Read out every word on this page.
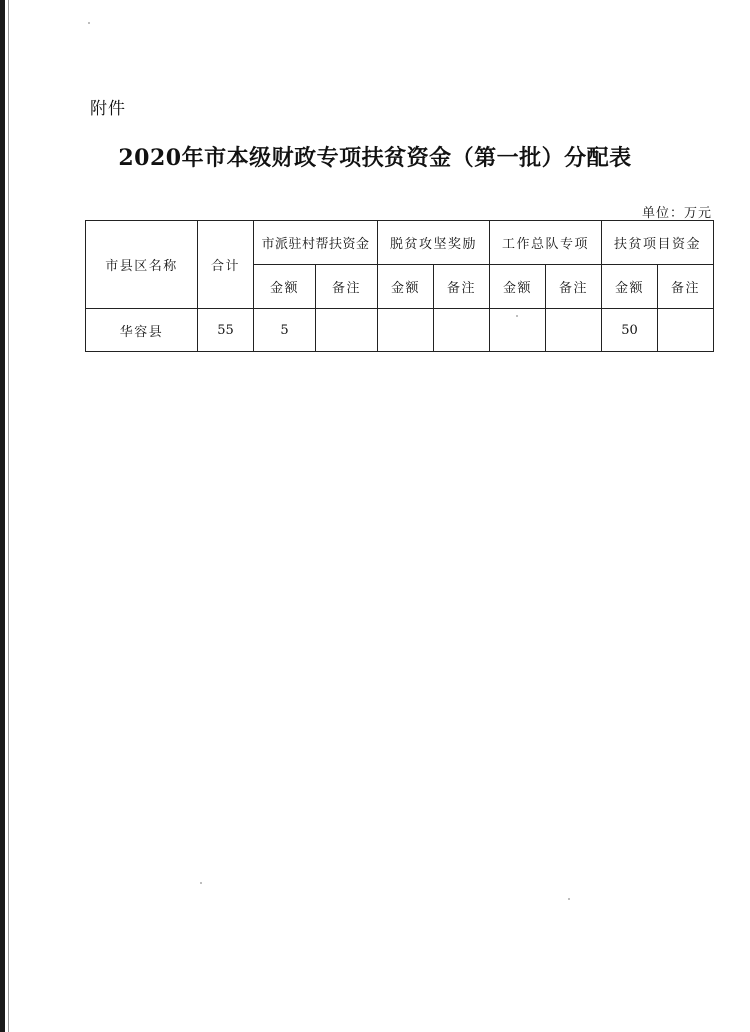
附件
2020年市本级财政专项扶贫资金（第一批）分配表
单位：万元
市县区名称	合计	市派驻村帮扶资金		脱贫攻坚奖励		工作总队专项		扶贫项目资金	
		金额	备注	金额	备注	金额	备注	金额	备注
华容县	55	5						50	
